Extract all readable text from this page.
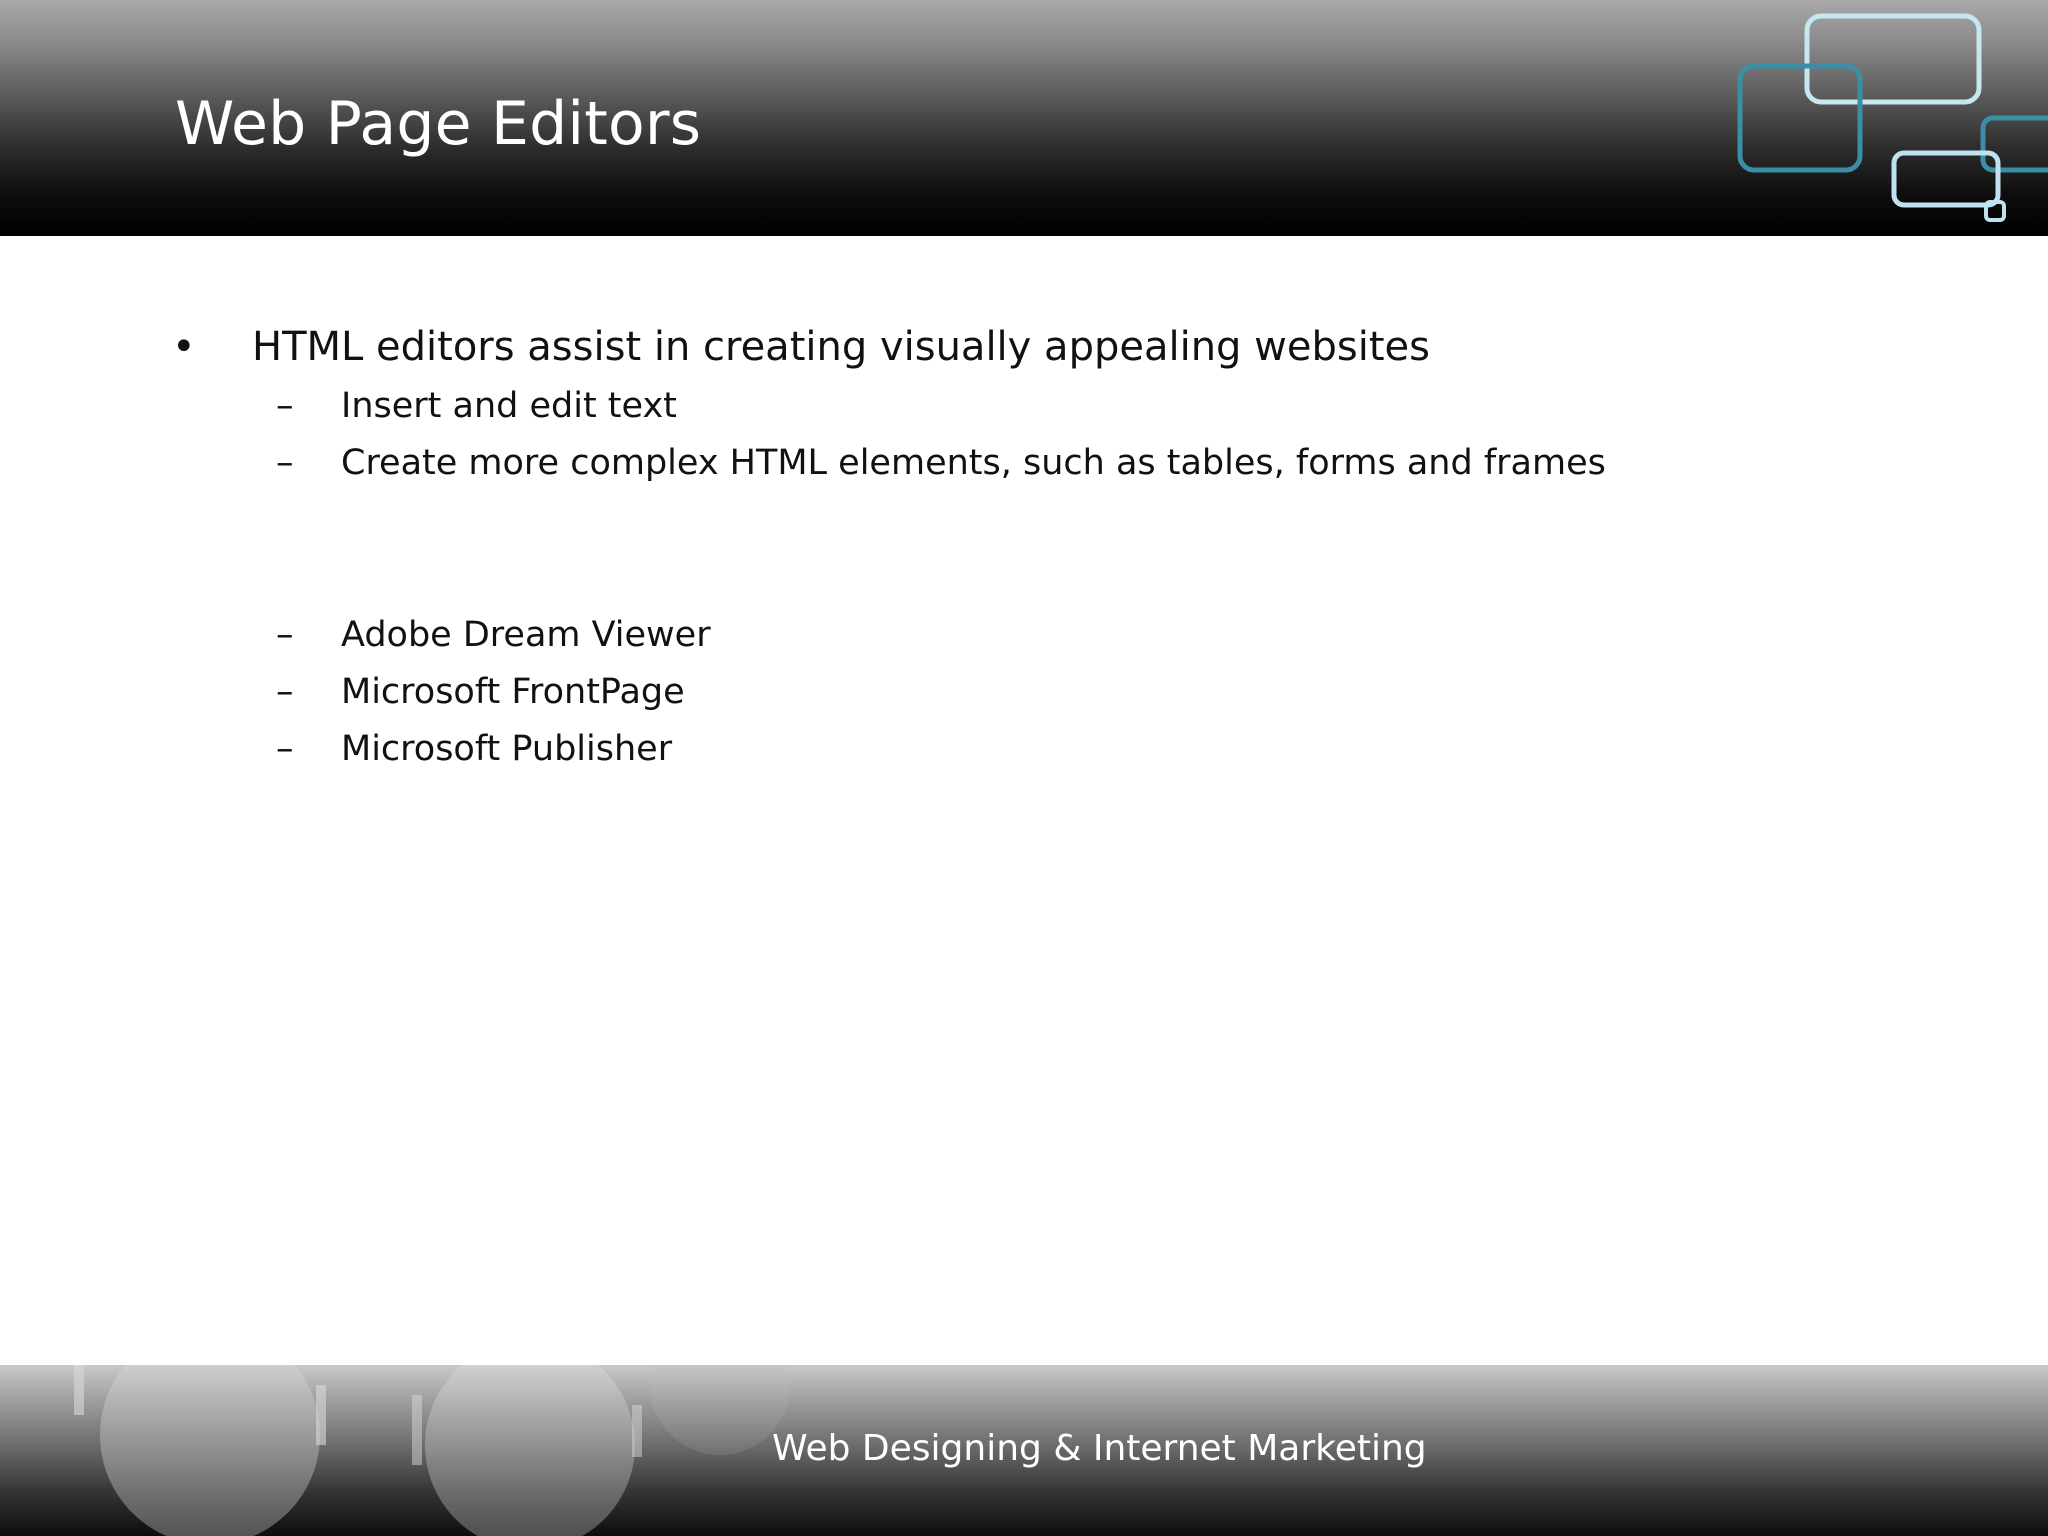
Web Page Editors
• HTML editors assist in creating visually appealing websites
– Insert and edit text
– Create more complex HTML elements, such as tables, forms and frames
– Adobe Dream Viewer
– Microsoft FrontPage
– Microsoft Publisher
Web Designing & Internet Marketing
